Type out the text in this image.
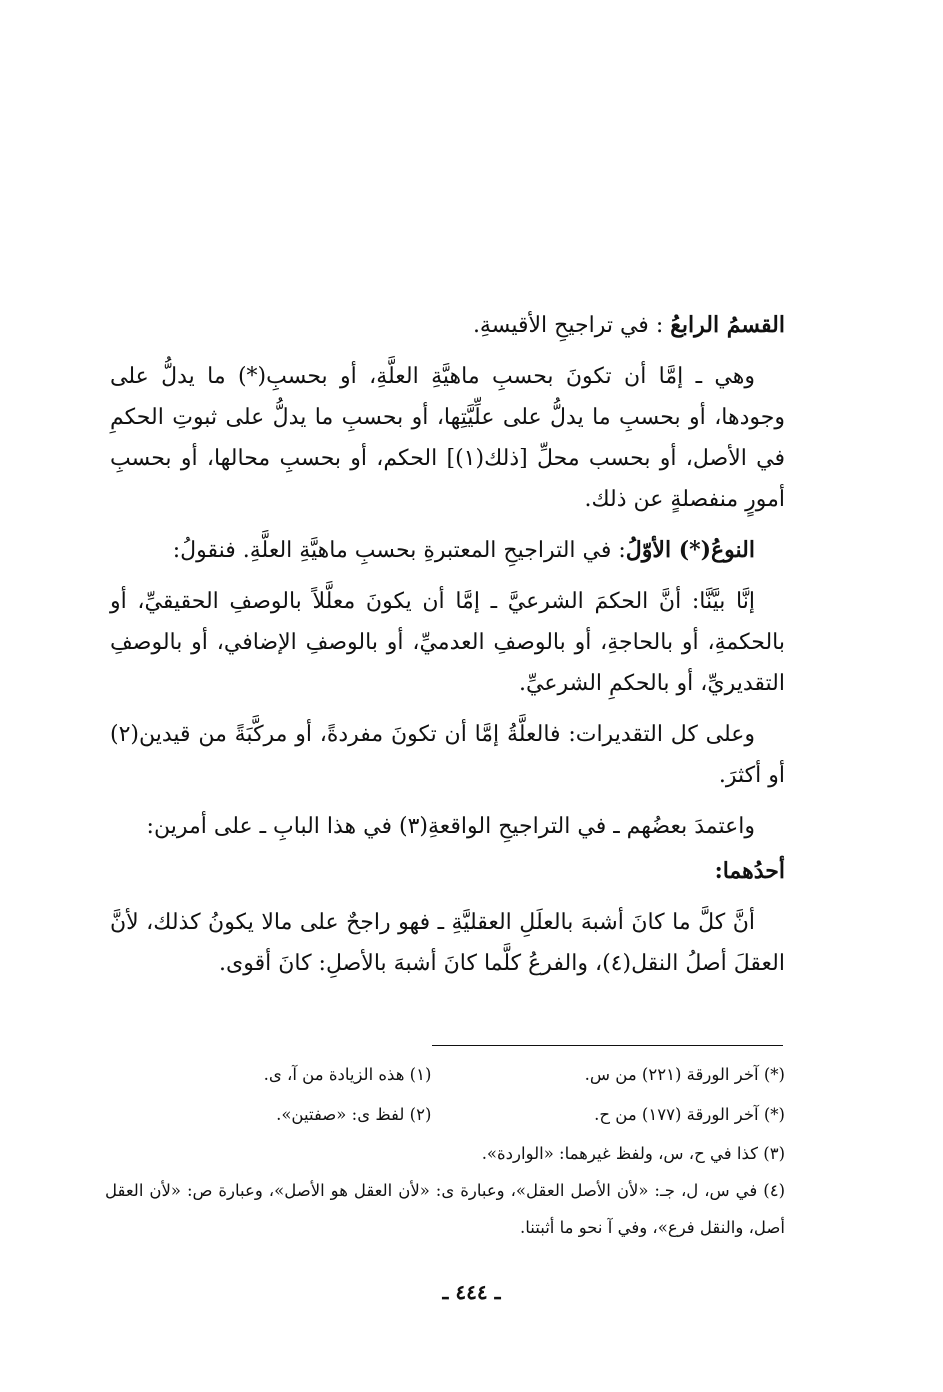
القسمُ الرابعُ : في تراجيحِ الأقيسةِ.

وهي ـ إمَّا أن تكونَ بحسبِ ماهيَّةِ العلَّةِ، أو بحسبِ(*) ما يدلُّ على وجودها، أو بحسبِ ما يدلُّ على علِّيَّتِها، أو بحسبِ ما يدلُّ على ثبوتِ الحكمِ في الأصل، أو بحسب محلِّ [ذلك(١)] الحكم، أو بحسبِ محالها، أو بحسبِ أمورٍ منفصلةٍ عن ذلك.

النوعُ(*) الأوّلُ: في التراجيحِ المعتبرةِ بحسبِ ماهيَّةِ العلَّةِ. فنقولُ:

إنَّا بيَّنَّا: أنَّ الحكمَ الشرعيَّ ـ إمَّا أن يكونَ معلَّلاً بالوصفِ الحقيقيِّ، أو بالحكمةِ، أو بالحاجةِ، أو بالوصفِ العدميِّ، أو بالوصفِ الإضافي، أو بالوصفِ التقديريِّ، أو بالحكمِ الشرعيِّ.

وعلى كل التقديرات: فالعلَّةُ إمَّا أن تكونَ مفردةً، أو مركَّبَةً من قيدين(٢) أو أكثرَ.

واعتمدَ بعضُهم ـ في التراجيحِ الواقعةِ(٣) في هذا البابِ ـ على أمرين:

أحدُهما:

أنَّ كلَّ ما كانَ أشبهَ بالعلَلِ العقليَّةِ ـ فهو راجحٌ على مالا يكونُ كذلك، لأنَّ العقلَ أصلُ النقل(٤)، والفرعُ كلَّما كانَ أشبهَ بالأصلِ: كانَ أقوى.

(*) آخر الورقة (٢٢١) من س.
(١) هذه الزيادة من آ، ى.
(*) آخر الورقة (١٧٧) من ح.
(٢) لفظ ى: «صفتين».
(٣) كذا في ح، س، ولفظ غيرهما: «الواردة».
(٤) في س، ل، جـ: «لأن الأصل العقل»، وعبارة ى: «لأن العقل هو الأصل»، وعبارة ص: «لأن العقل أصل، والنقل فرع»، وفي آ نحو ما أثبتنا.
ـ ٤٤٤ ـ
